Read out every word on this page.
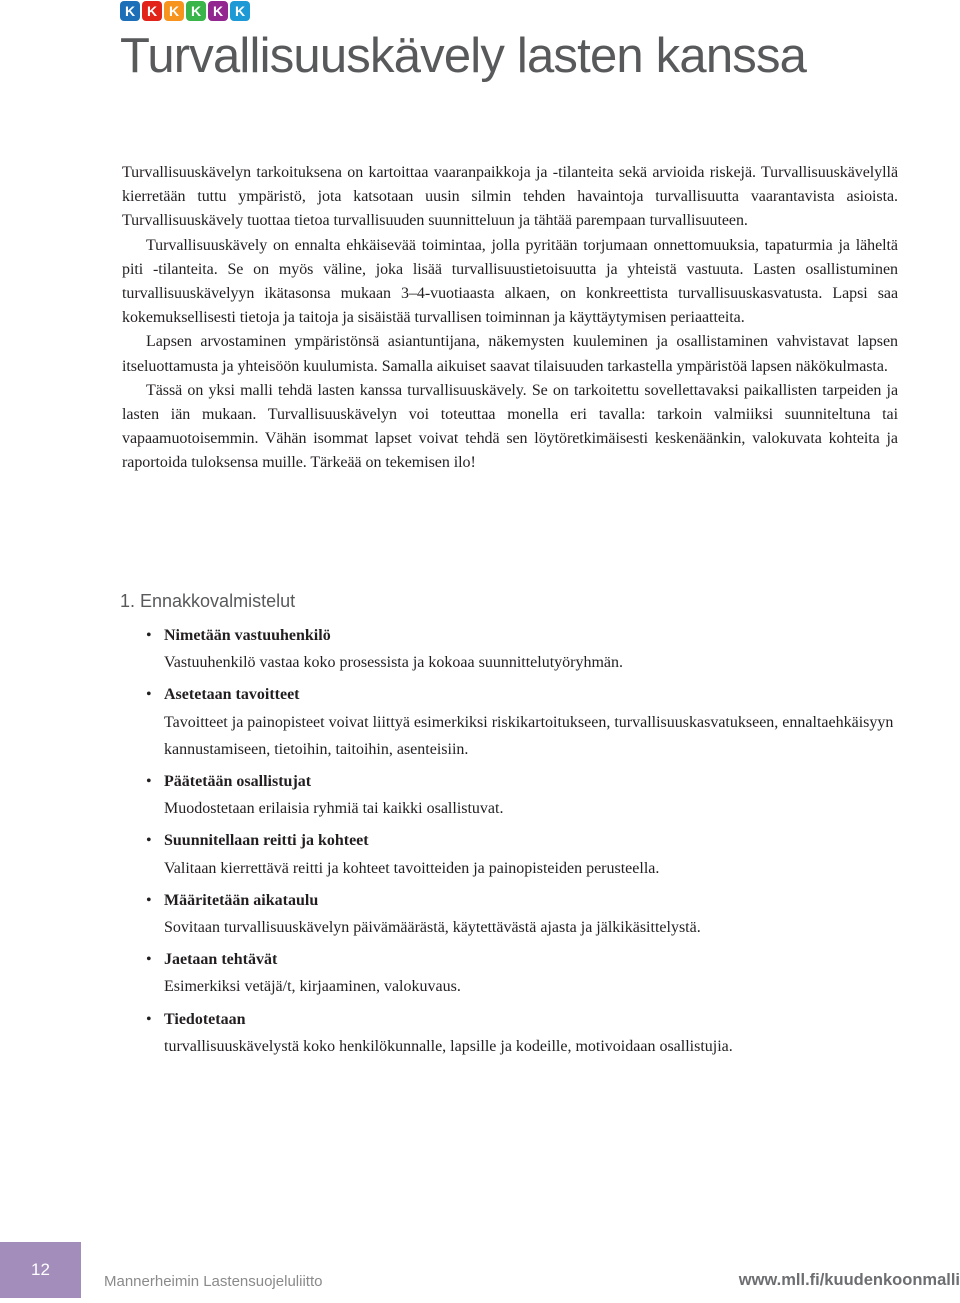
K K K K K K
Turvallisuuskävely lasten kanssa

Turvallisuuskävelyn tarkoituksena on kartoittaa vaaranpaikkoja ja -tilanteita sekä arvioida riskejä. Turvallisuuskävelyllä kierretään tuttu ympäristö, jota katsotaan uusin silmin tehden havaintoja turvallisuutta vaarantavista asioista. Turvallisuuskävely tuottaa tietoa turvallisuuden suunnitteluun ja tähtää parempaan turvallisuuteen.

Turvallisuuskävely on ennalta ehkäisevää toimintaa, jolla pyritään torjumaan onnettomuuksia, tapaturmia ja läheltä piti -tilanteita. Se on myös väline, joka lisää turvallisuustietoisuutta ja yhteistä vastuuta. Lasten osallistuminen turvallisuuskävelyyn ikätasonsa mukaan 3–4-vuotiaasta alkaen, on konkreettista turvallisuuskasvatusta. Lapsi saa kokemuksellisesti tietoja ja taitoja ja sisäistää turvallisen toiminnan ja käyttäytymisen periaatteita.

Lapsen arvostaminen ympäristönsä asiantuntijana, näkemysten kuuleminen ja osallistaminen vahvistavat lapsen itseluottamusta ja yhteisöön kuulumista. Samalla aikuiset saavat tilaisuuden tarkastella ympäristöä lapsen näkökulmasta.

Tässä on yksi malli tehdä lasten kanssa turvallisuuskävely. Se on tarkoitettu sovellettavaksi paikallisten tarpeiden ja lasten iän mukaan. Turvallisuuskävelyn voi toteuttaa monella eri tavalla: tarkoin valmiiksi suunniteltuna tai vapaamuotoisemmin. Vähän isommat lapset voivat tehdä sen löytöretkimäisesti keskenäänkin, valokuvata kohteita ja raportoida tuloksensa muille. Tärkeää on tekemisen ilo!

1. Ennakkovalmistelut
• Nimetään vastuuhenkilö
Vastuuhenkilö vastaa koko prosessista ja kokoaa suunnittelutyöryhmän.
• Asetetaan tavoitteet
Tavoitteet ja painopisteet voivat liittyä esimerkiksi riskikartoitukseen, turvallisuuskasvatukseen, ennaltaehkäisyyn kannustamiseen, tietoihin, taitoihin, asenteisiin.
• Päätetään osallistujat
Muodostetaan erilaisia ryhmiä tai kaikki osallistuvat.
• Suunnitellaan reitti ja kohteet
Valitaan kierrettävä reitti ja kohteet tavoitteiden ja painopisteiden perusteella.
• Määritetään aikataulu
Sovitaan turvallisuuskävelyn päivämäärästä, käytettävästä ajasta ja jälkikäsittelystä.
• Jaetaan tehtävät
Esimerkiksi vetäjä/t, kirjaaminen, valokuvaus.
• Tiedotetaan
turvallisuuskävelystä koko henkilökunnalle, lapsille ja kodeille, motivoidaan osallistujia.
12
Mannerheimin Lastensuojeluliitto	www.mll.fi/kuudenkoonmalli
